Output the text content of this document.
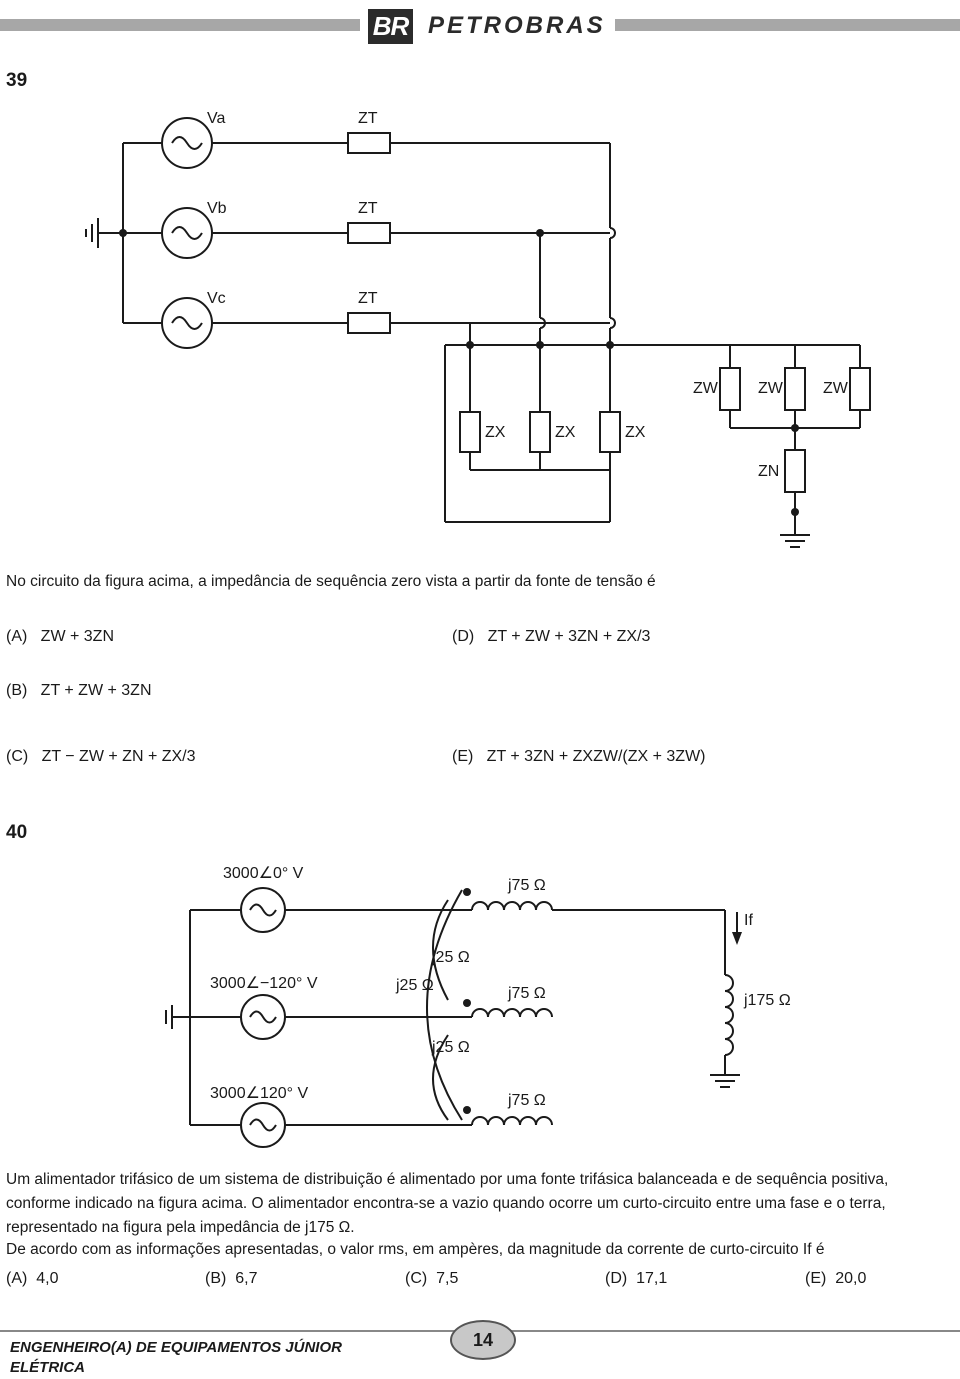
BR PETROBRAS
39
Va
Vb
Vc
ZT
ZT
ZT
ZX	ZX	ZX
ZW	ZW	ZW
ZN
No circuito da figura acima, a impedância de sequência zero vista a partir da fonte de tensão é
(A) ZW + 3ZN
(B) ZT + ZW + 3ZN
(C) ZT − ZW + ZN + ZX/3
(D) ZT + ZW + 3ZN + ZX/3
(E) ZT + 3ZN + ZXZW/(ZX + 3ZW)
40
3000∠0° V
3000∠−120° V
3000∠120° V
j75 Ω
j75 Ω
j75 Ω
j25 Ω
j25 Ω
j25 Ω
j175 Ω
If
Um alimentador trifásico de um sistema de distribuição é alimentado por uma fonte trifásica balanceada e de sequência positiva, conforme indicado na figura acima. O alimentador encontra-se a vazio quando ocorre um curto-circuito entre uma fase e o terra, representado na figura pela impedância de j175 Ω.
De acordo com as informações apresentadas, o valor rms, em ampères, da magnitude da corrente de curto-circuito If é
(A) 4,0	(B) 6,7	(C) 7,5	(D) 17,1	(E) 20,0
ENGENHEIRO(A) DE EQUIPAMENTOS JÚNIOR
ELÉTRICA
14
